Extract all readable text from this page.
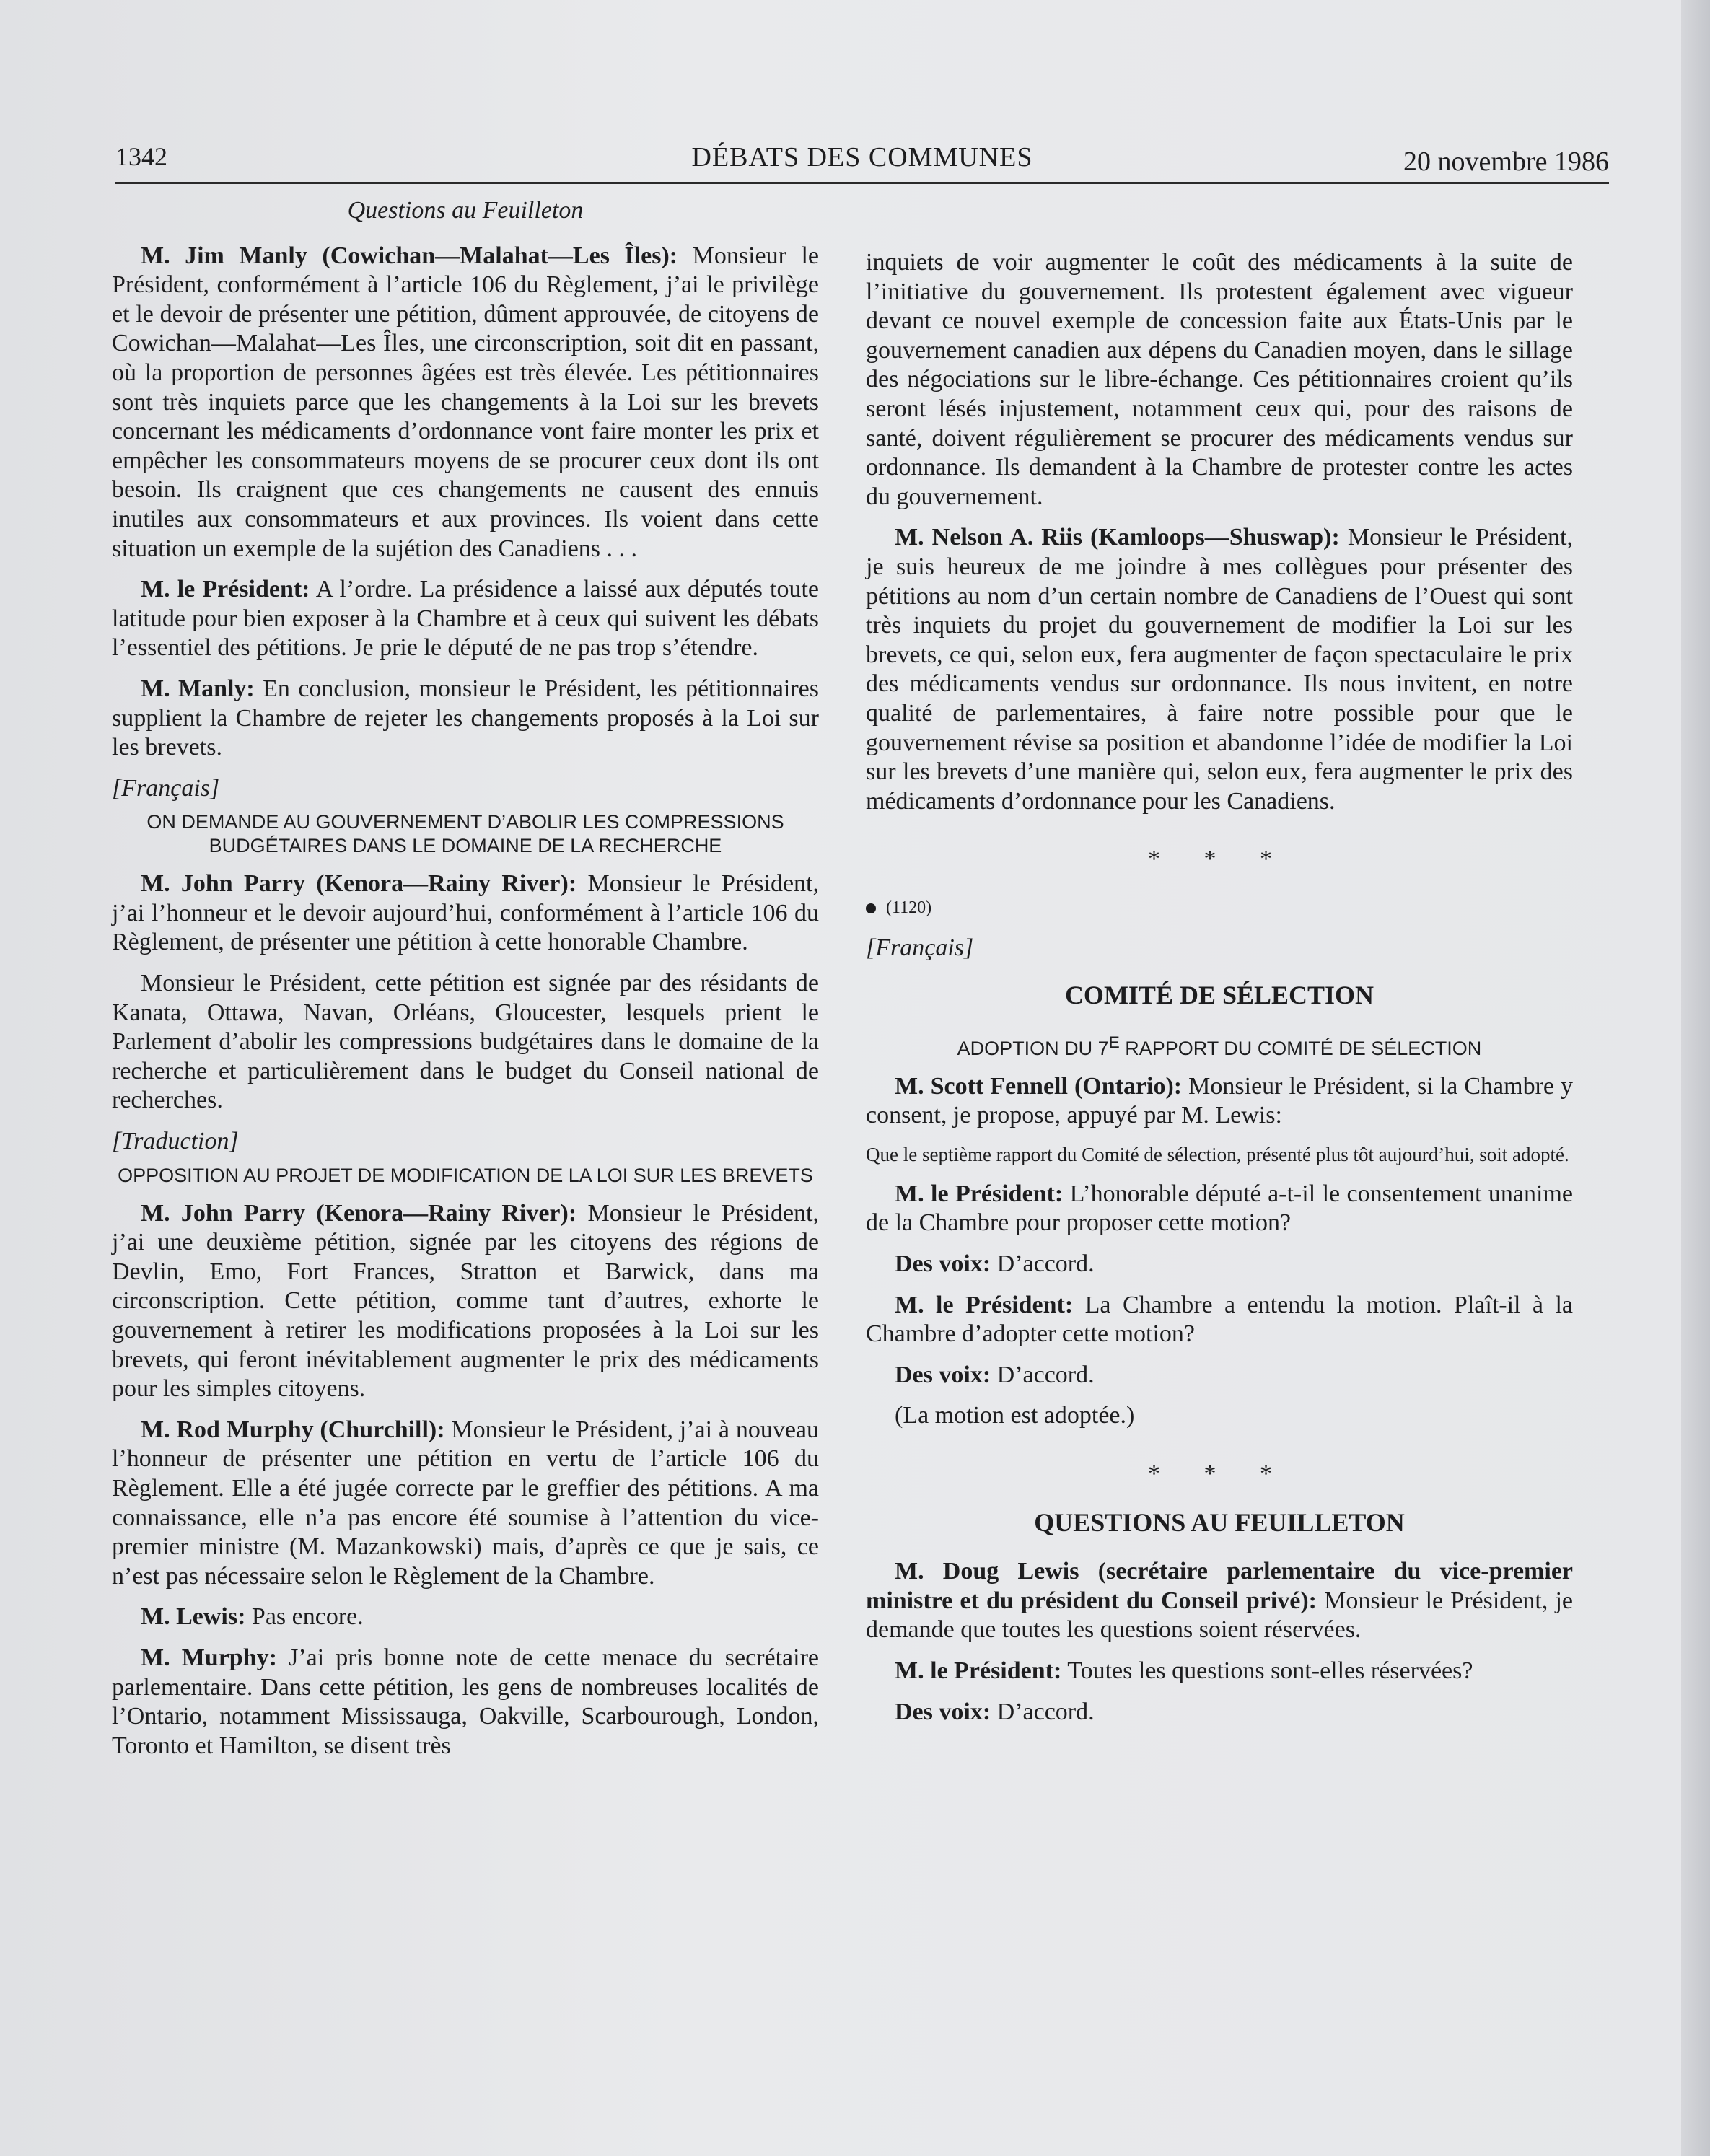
1342	DÉBATS DES COMMUNES	20 novembre 1986
Questions au Feuilleton

M. Jim Manly (Cowichan—Malahat—Les Îles): Monsieur le Président, conformément à l’article 106 du Règlement, j’ai le privilège et le devoir de présenter une pétition, dûment approuvée, de citoyens de Cowichan—Malahat—Les Îles, une circonscription, soit dit en passant, où la proportion de personnes âgées est très élevée. Les pétitionnaires sont très inquiets parce que les changements à la Loi sur les brevets concernant les médicaments d’ordonnance vont faire monter les prix et empêcher les consommateurs moyens de se procurer ceux dont ils ont besoin. Ils craignent que ces changements ne causent des ennuis inutiles aux consommateurs et aux provinces. Ils voient dans cette situation un exemple de la sujétion des Canadiens . . .

M. le Président: A l’ordre. La présidence a laissé aux députés toute latitude pour bien exposer à la Chambre et à ceux qui suivent les débats l’essentiel des pétitions. Je prie le député de ne pas trop s’étendre.

M. Manly: En conclusion, monsieur le Président, les pétitionnaires supplient la Chambre de rejeter les changements proposés à la Loi sur les brevets.

[Français]

ON DEMANDE AU GOUVERNEMENT D’ABOLIR LES COMPRESSIONS BUDGÉTAIRES DANS LE DOMAINE DE LA RECHERCHE

M. John Parry (Kenora—Rainy River): Monsieur le Président, j’ai l’honneur et le devoir aujourd’hui, conformément à l’article 106 du Règlement, de présenter une pétition à cette honorable Chambre.

Monsieur le Président, cette pétition est signée par des résidants de Kanata, Ottawa, Navan, Orléans, Gloucester, lesquels prient le Parlement d’abolir les compressions budgétaires dans le domaine de la recherche et particulièrement dans le budget du Conseil national de recherches.

[Traduction]

OPPOSITION AU PROJET DE MODIFICATION DE LA LOI SUR LES BREVETS

M. John Parry (Kenora—Rainy River): Monsieur le Président, j’ai une deuxième pétition, signée par les citoyens des régions de Devlin, Emo, Fort Frances, Stratton et Barwick, dans ma circonscription. Cette pétition, comme tant d’autres, exhorte le gouvernement à retirer les modifications proposées à la Loi sur les brevets, qui feront inévitablement augmenter le prix des médicaments pour les simples citoyens.

M. Rod Murphy (Churchill): Monsieur le Président, j’ai à nouveau l’honneur de présenter une pétition en vertu de l’article 106 du Règlement. Elle a été jugée correcte par le greffier des pétitions. A ma connaissance, elle n’a pas encore été soumise à l’attention du vice-premier ministre (M. Mazankowski) mais, d’après ce que je sais, ce n’est pas nécessaire selon le Règlement de la Chambre.

M. Lewis: Pas encore.

M. Murphy: J’ai pris bonne note de cette menace du secrétaire parlementaire. Dans cette pétition, les gens de nombreuses localités de l’Ontario, notamment Mississauga, Oakville, Scarbourough, London, Toronto et Hamilton, se disent très

inquiets de voir augmenter le coût des médicaments à la suite de l’initiative du gouvernement. Ils protestent également avec vigueur devant ce nouvel exemple de concession faite aux États-Unis par le gouvernement canadien aux dépens du Canadien moyen, dans le sillage des négociations sur le libre-échange. Ces pétitionnaires croient qu’ils seront lésés injustement, notamment ceux qui, pour des raisons de santé, doivent régulièrement se procurer des médicaments vendus sur ordonnance. Ils demandent à la Chambre de protester contre les actes du gouvernement.

M. Nelson A. Riis (Kamloops—Shuswap): Monsieur le Président, je suis heureux de me joindre à mes collègues pour présenter des pétitions au nom d’un certain nombre de Canadiens de l’Ouest qui sont très inquiets du projet du gouvernement de modifier la Loi sur les brevets, ce qui, selon eux, fera augmenter de façon spectaculaire le prix des médicaments vendus sur ordonnance. Ils nous invitent, en notre qualité de parlementaires, à faire notre possible pour que le gouvernement révise sa position et abandonne l’idée de modifier la Loi sur les brevets d’une manière qui, selon eux, fera augmenter le prix des médicaments d’ordonnance pour les Canadiens.

* * *

(1120)

[Français]

COMITÉ DE SÉLECTION
ADOPTION DU $7^E$ RAPPORT DU COMITÉ DE SÉLECTION

M. Scott Fennell (Ontario): Monsieur le Président, si la Chambre y consent, je propose, appuyé par M. Lewis:

Que le septième rapport du Comité de sélection, présenté plus tôt aujourd’hui, soit adopté.

M. le Président: L’honorable député a-t-il le consentement unanime de la Chambre pour proposer cette motion?

Des voix: D’accord.

M. le Président: La Chambre a entendu la motion. Plaît-il à la Chambre d’adopter cette motion?

Des voix: D’accord.

(La motion est adoptée.)

* * *
QUESTIONS AU FEUILLETON

M. Doug Lewis (secrétaire parlementaire du vice-premier ministre et du président du Conseil privé): Monsieur le Président, je demande que toutes les questions soient réservées.

M. le Président: Toutes les questions sont-elles réservées?

Des voix: D’accord.
